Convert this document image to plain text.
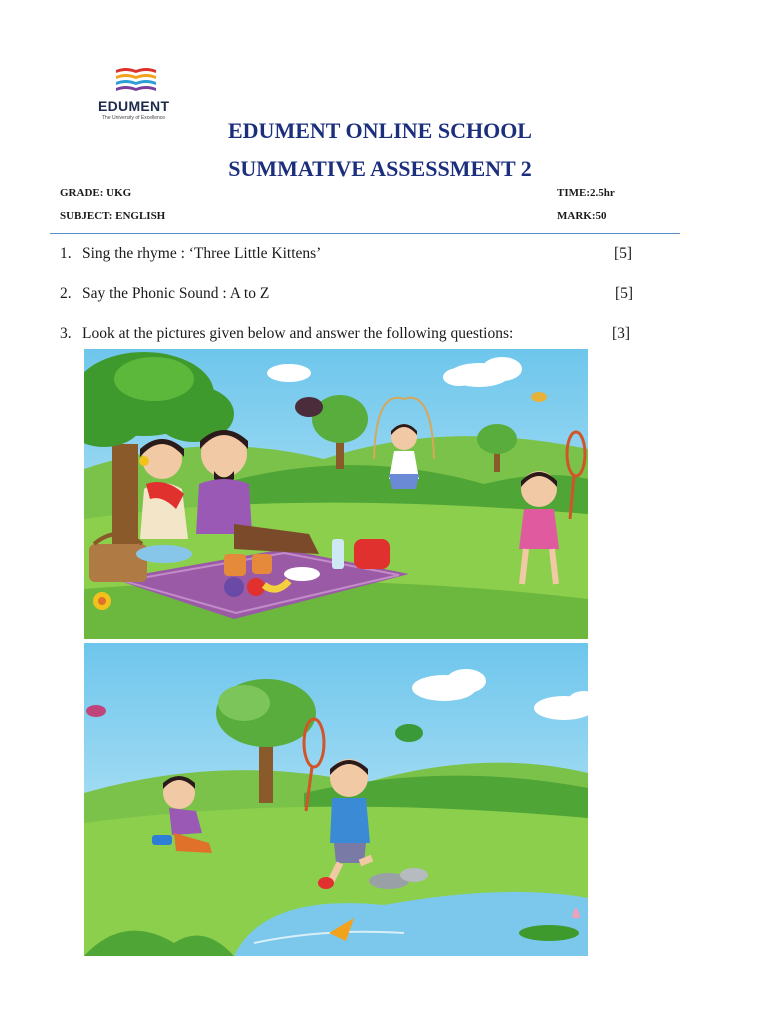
EDUMENT
The University of Excellence	EDUMENT ONLINE SCHOOL
SUMMATIVE ASSESSMENT 2
GRADE: UKG
SUBJECT: ENGLISH
TIME:2.5hr
MARK:50
1. Sing the rhyme : ‘Three Little Kittens’	[5]
2. Say the Phonic Sound : A to Z	[5]
3. Look at the pictures given below and answer the following questions:	[3]
